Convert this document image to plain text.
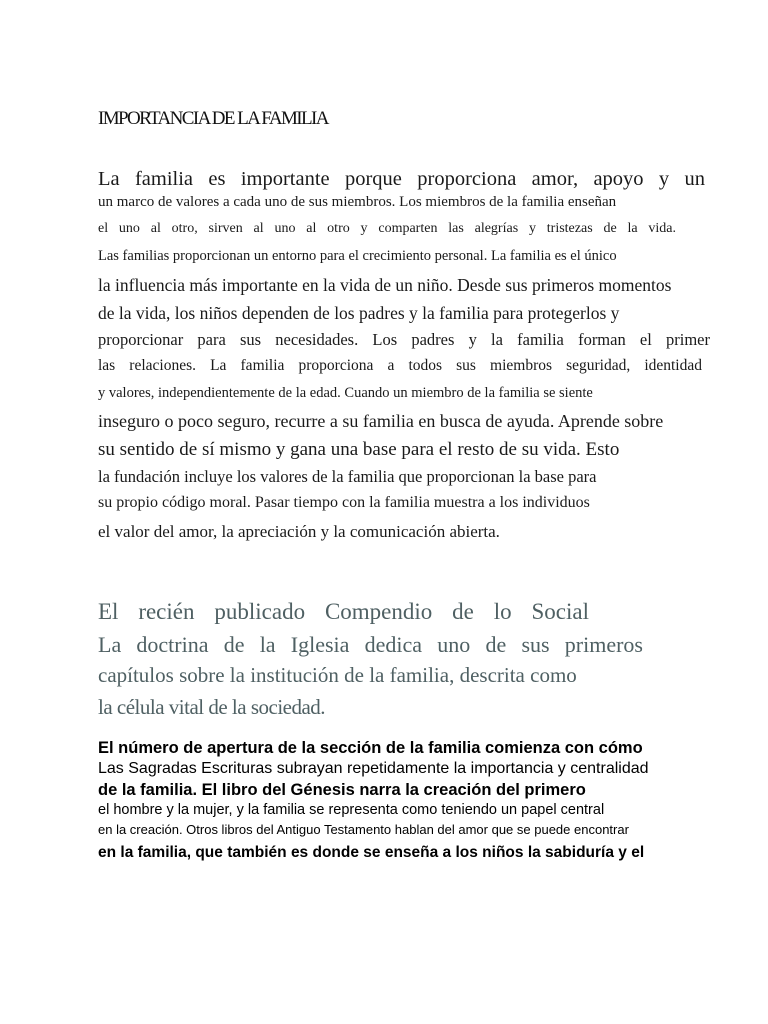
IMPORTANCIA DE LA FAMILIA
La familia es importante porque proporciona amor, apoyo y un
un marco de valores a cada uno de sus miembros. Los miembros de la familia enseñan
el uno al otro, sirven al uno al otro y comparten las alegrías y tristezas de la vida.
Las familias proporcionan un entorno para el crecimiento personal. La familia es el único
la influencia más importante en la vida de un niño. Desde sus primeros momentos
de la vida, los niños dependen de los padres y la familia para protegerlos y
proporcionar para sus necesidades. Los padres y la familia forman el primer
las relaciones. La familia proporciona a todos sus miembros seguridad, identidad
y valores, independientemente de la edad. Cuando un miembro de la familia se siente
inseguro o poco seguro, recurre a su familia en busca de ayuda. Aprende sobre
su sentido de sí mismo y gana una base para el resto de su vida. Esto
la fundación incluye los valores de la familia que proporcionan la base para
su propio código moral. Pasar tiempo con la familia muestra a los individuos
el valor del amor, la apreciación y la comunicación abierta.
El recién publicado Compendio de lo Social
La doctrina de la Iglesia dedica uno de sus primeros
capítulos sobre la institución de la familia, descrita como
la célula vital de la sociedad.
El número de apertura de la sección de la familia comienza con cómo
Las Sagradas Escrituras subrayan repetidamente la importancia y centralidad
de la familia. El libro del Génesis narra la creación del primero
el hombre y la mujer, y la familia se representa como teniendo un papel central
en la creación. Otros libros del Antiguo Testamento hablan del amor que se puede encontrar
en la familia, que también es donde se enseña a los niños la sabiduría y el
